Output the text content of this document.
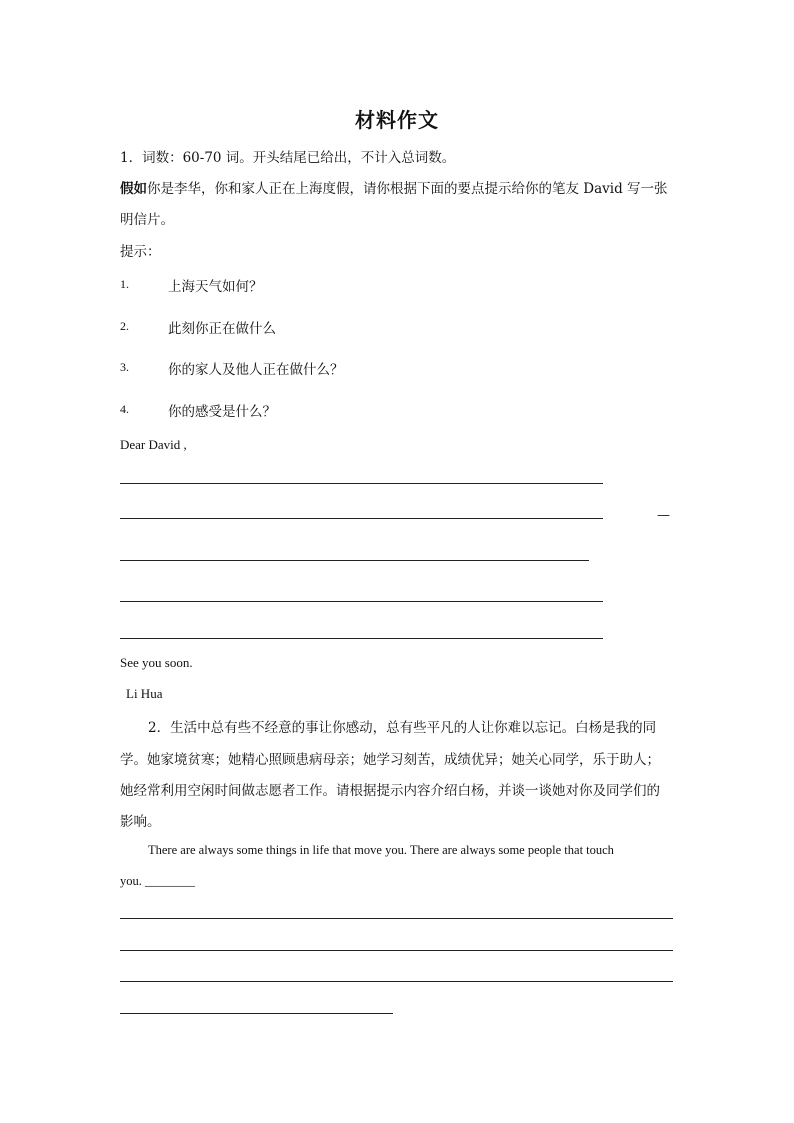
材料作文
1．词数：60-70 词。开头结尾已给出，不计入总词数。
假如你是李华，你和家人正在上海度假，请你根据下面的要点提示给你的笔友 David 写一张
明信片。
提示：
1.	上海天气如何？
2.	此刻你正在做什么
3.	你的家人及他人正在做什么？
4.	你的感受是什么？
Dear David ,
—
See you soon.
Li Hua
2．生活中总有些不经意的事让你感动，总有些平凡的人让你难以忘记。白杨是我的同
学。她家境贫寒；她精心照顾患病母亲；她学习刻苦，成绩优异；她关心同学，乐于助人；
她经常利用空闲时间做志愿者工作。请根据提示内容介绍白杨，并谈一谈她对你及同学们的
影响。
There are always some things in life that move you. There are always some people that touch
you. ________
